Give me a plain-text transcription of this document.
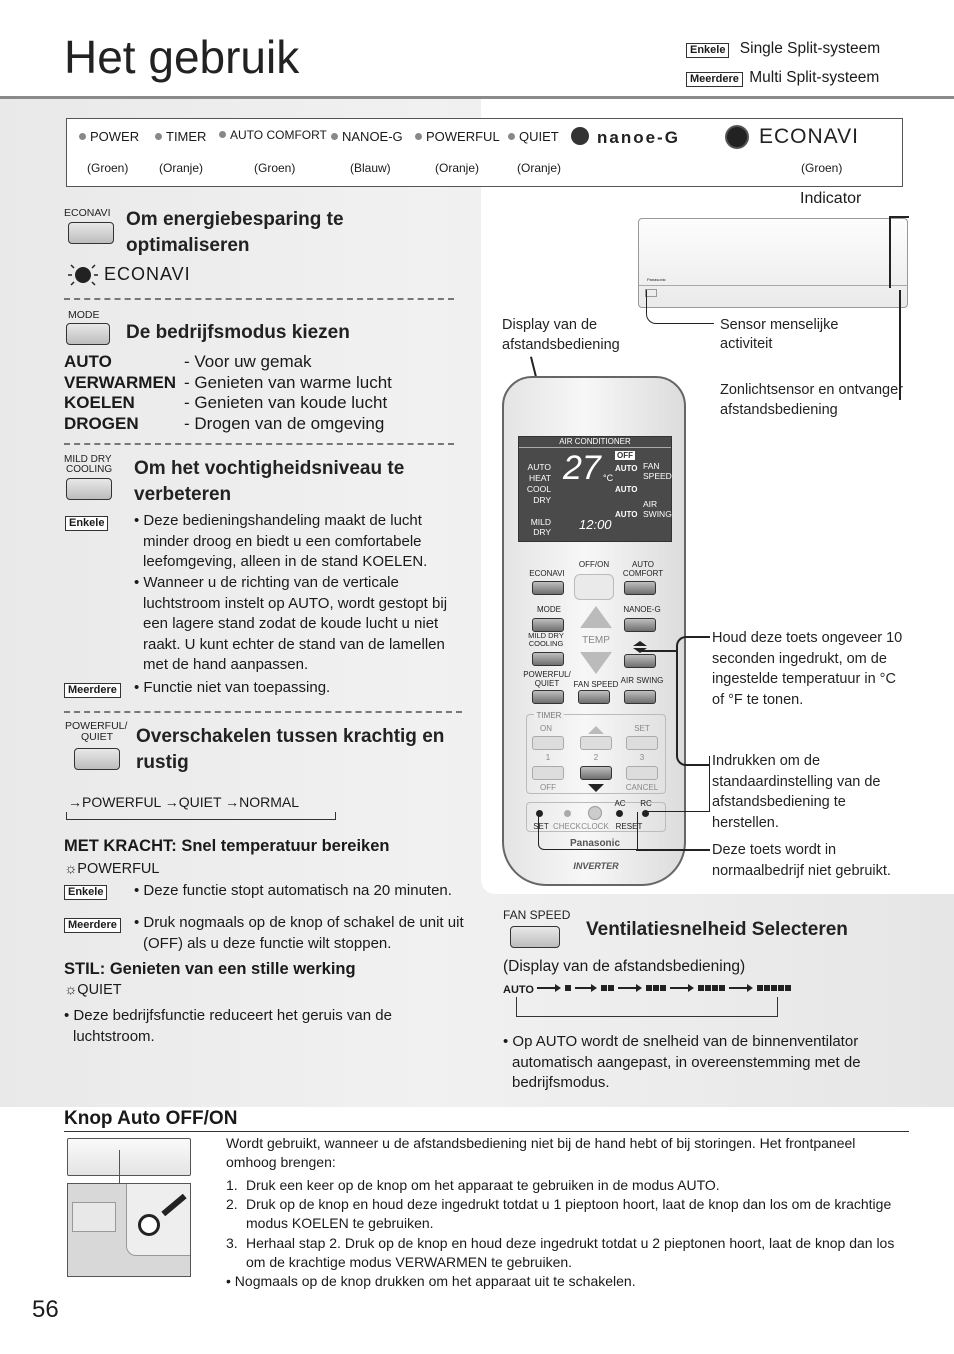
Het gebruik	Enkele Single Split-systeem
Meerdere Multi Split-systeem
POWER	TIMER	AUTO COMFORT	NANOE-G	POWERFUL	QUIET nanoe-G	ECONAVI
(Groen)	(Oranje)	(Groen)	(Blauw)	(Oranje)	(Oranje)	(Groen)
ECONAVI Om energiebesparing te optimaliseren
ECONAVI
MODE
De bedrijfsmodus kiezen
AUTO	- Voor uw gemak
VERWARMEN - Genieten van warme lucht
KOELEN	- Genieten van koude lucht
DROGEN	- Drogen van de omgeving
MILD DRY
COOLING Om het vochtigheidsniveau te verbeteren
Enkele • Deze bedieningshandeling maakt de lucht minder droog en biedt u een comfortabele leefomgeving, alleen in de stand KOELEN.
• Wanneer u de richting van de verticale luchtstroom instelt op AUTO, wordt gestopt bij een lagere stand zodat de koude lucht u niet raakt. U kunt echter de stand van de lamellen met de hand aanpassen.
Meerdere • Functie niet van toepassing.
POWERFUL/
QUIET	Overschakelen tussen krachtig en rustig
→POWERFUL →QUIET →NORMAL
MET KRACHT: Snel temperatuur bereiken
☼POWERFUL
Enkele • Deze functie stopt automatisch na 20 minuten.
Meerdere • Druk nogmaals op de knop of schakel de unit uit (OFF) als u deze functie wilt stoppen.
STIL: Genieten van een stille werking
☼QUIET
• Deze bedrijfsfunctie reduceert het geruis van de luchtstroom.
Indicator
Panasonic
Sensor menselijke activiteit
Zonlichtsensor en ontvanger afstandsbediening
Display van de afstandsbediening
AIR CONDITIONER
AUTO
HEAT
COOL
DRY
MILD
DRY
27 °C
OFF
AUTO
AUTO
AUTO
FAN
SPEED
AIR
SWING
12:00
OFF/ON
ECONAVI
AUTO
COMFORT
MODE	NANOE-G
TEMP
MILD DRY
COOLING
POWERFUL/
QUIET	FAN SPEED AIR SWING
TIMER
ON	SET
1	2	3
OFF	CANCEL
AC	RC
SET CHECK CLOCK RESET
Panasonic
INVERTER
Houd deze toets ongeveer 10 seconden ingedrukt, om de ingestelde temperatuur in °C of °F te tonen.
Indrukken om de standaardinstelling van de afstandsbediening te herstellen.
Deze toets wordt in normaalbedrijf niet gebruikt.
FAN SPEED
Ventilatiesnelheid Selecteren
(Display van de afstandsbediening)
AUTO
• Op AUTO wordt de snelheid van de binnenventilator automatisch aangepast, in overeenstemming met de bedrijfsmodus.
Knop Auto OFF/ON
Wordt gebruikt, wanneer u de afstandsbediening niet bij de hand hebt of bij storingen. Het frontpaneel omhoog brengen:
1. Druk een keer op de knop om het apparaat te gebruiken in de modus AUTO.
2. Druk op de knop en houd deze ingedrukt totdat u 1 pieptoon hoort, laat de knop dan los om de krachtige modus KOELEN te gebruiken.
3. Herhaal stap 2. Druk op de knop en houd deze ingedrukt totdat u 2 pieptonen hoort, laat de knop dan los om de krachtige modus VERWARMEN te gebruiken.
• Nogmaals op de knop drukken om het apparaat uit te schakelen.
56
